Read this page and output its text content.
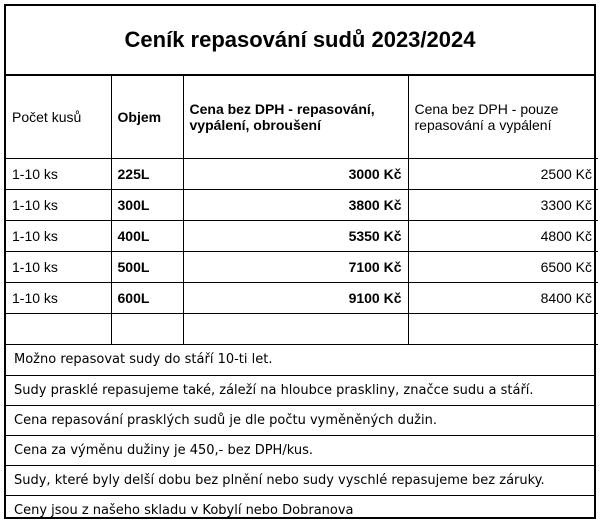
Ceník repasování sudů 2023/2024
Počet kusů	Objem	Cena bez DPH - repasování, vypálení, obroušení	Cena bez DPH - pouze repasování a vypálení
1-10 ks	225L	3000 Kč	2500 Kč
1-10 ks	300L	3800 Kč	3300 Kč
1-10 ks	400L	5350 Kč	4800 Kč
1-10 ks	500L	7100 Kč	6500 Kč
1-10 ks	600L	9100 Kč	8400 Kč

Možno repasovat sudy do stáří 10-ti let.
Sudy prasklé repasujeme také, záleží na hloubce praskliny, značce sudu a stáří.
Cena repasování prasklých sudů je dle počtu vyměněných dužin.
Cena za výměnu dužiny je 450,- bez DPH/kus.
Sudy, které byly delší dobu bez plnění nebo sudy vyschlé repasujeme bez záruky.
Ceny jsou z našeho skladu v Kobylí nebo Dobranova
